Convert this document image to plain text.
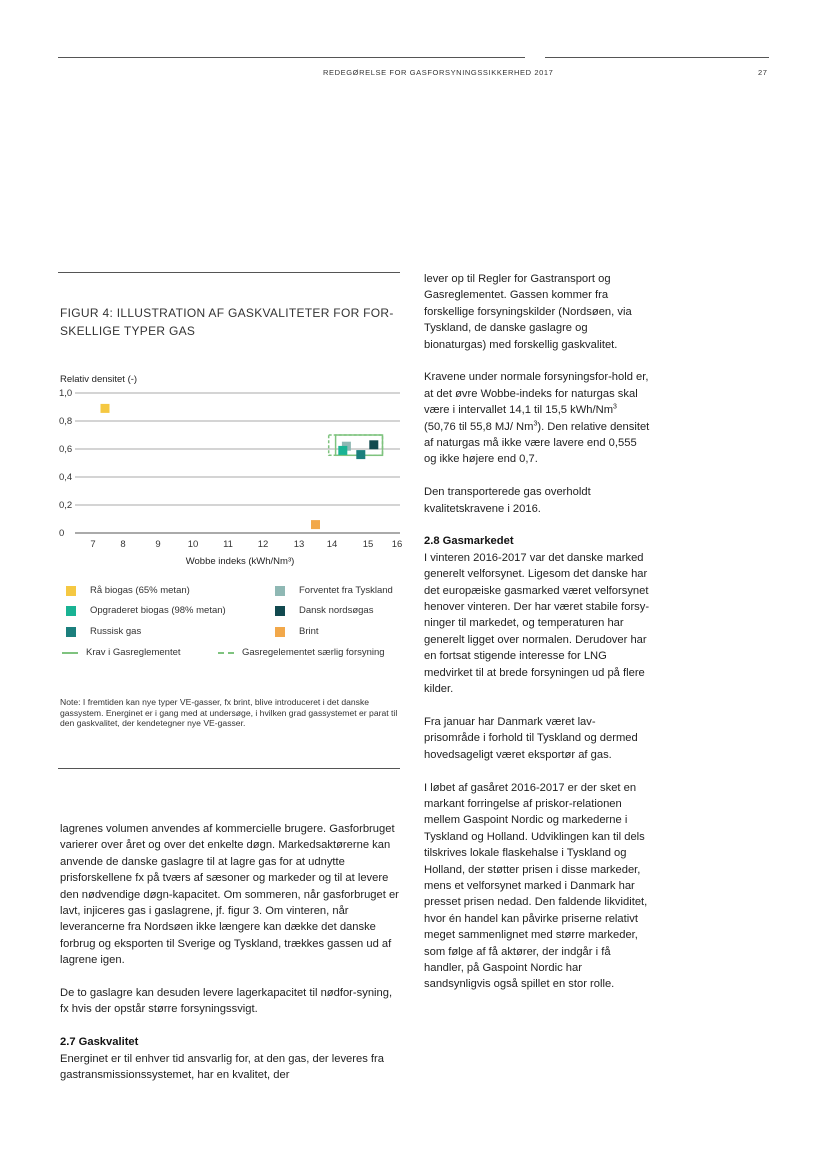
REDEGØRELSE FOR GASFORSYNINGSSIKKERHED 2017	27
FIGUR 4: ILLUSTRATION AF GASKVALITETER FOR FOR-SKELLIGE TYPER GAS
Relativ densitet (-)
0
0,2
0,4
0,6
0,8
1,0
7	8	9	10	11	12	13 14	15 16
Wobbe indeks (kWh/Nm³)
Rå biogas (65% metan)	Forventet fra Tyskland
Opgraderet biogas (98% metan)	Dansk nordsøgas
Russisk gas	Brint
Krav i Gasreglementet	Gasregelementet særlig forsyning
Note: I fremtiden kan nye typer VE-gasser, fx brint, blive introduceret i det danske gassystem. Energinet er i gang med at undersøge, i hvilken grad gassystemet er parat til den gaskvalitet, der kendetegner nye VE-gasser.

lagrenes volumen anvendes af kommercielle brugere. Gasforbruget varierer over året og over det enkelte døgn. Markedsaktørerne kan anvende de danske gaslagre til at lagre gas for at udnytte prisforskellene fx på tværs af sæsoner og markeder og til at levere den nødvendige døgn-kapacitet. Om sommeren, når gasforbruget er lavt, injiceres gas i gaslagrene, jf. figur 3. Om vinteren, når leverancerne fra Nordsøen ikke længere kan dække det danske forbrug og eksporten til Sverige og Tyskland, trækkes gassen ud af lagrene igen.

De to gaslagre kan desuden levere lagerkapacitet til nødfor-syning, fx hvis der opstår større forsyningssvigt.

2.7 Gaskvalitet

Energinet er til enhver tid ansvarlig for, at den gas, der leveres fra gastransmissionssystemet, har en kvalitet, der

lever op til Regler for Gastransport og Gasreglementet. Gassen kommer fra forskellige forsyningskilder (Nordsøen, via Tyskland, de danske gaslagre og bionaturgas) med forskellig gaskvalitet.

Kravene under normale forsyningsfor-hold er, at det øvre Wobbe-indeks for naturgas skal være i intervallet 14,1 til 15,5 kWh/Nm$^3$ (50,76 til 55,8 MJ/ Nm$^3$). Den relative densitet af naturgas må ikke være lavere end 0,555 og ikke højere end 0,7.

Den transporterede gas overholdt kvalitetskravene i 2016.

2.8 Gasmarkedet

I vinteren 2016-2017 var det danske marked generelt velforsynet. Ligesom det danske har det europæiske gasmarked været velforsynet henover vinteren. Der har været stabile forsy-ninger til markedet, og temperaturen har generelt ligget over normalen. Derudover har en fortsat stigende interesse for LNG medvirket til at brede forsyningen ud på flere kilder.

Fra januar har Danmark været lav-prisområde i forhold til Tyskland og dermed hovedsageligt været eksportør af gas.

I løbet af gasåret 2016-2017 er der sket en markant forringelse af priskor-relationen mellem Gaspoint Nordic og markederne i Tyskland og Holland. Udviklingen kan til dels tilskrives lokale flaskehalse i Tyskland og Holland, der støtter prisen i disse markeder, mens et velforsynet marked i Danmark har presset prisen nedad. Den faldende likviditet, hvor én handel kan påvirke priserne relativt meget sammenlignet med større markeder, som følge af få aktører, der indgår i få handler, på Gaspoint Nordic har sandsynligvis også spillet en stor rolle.
